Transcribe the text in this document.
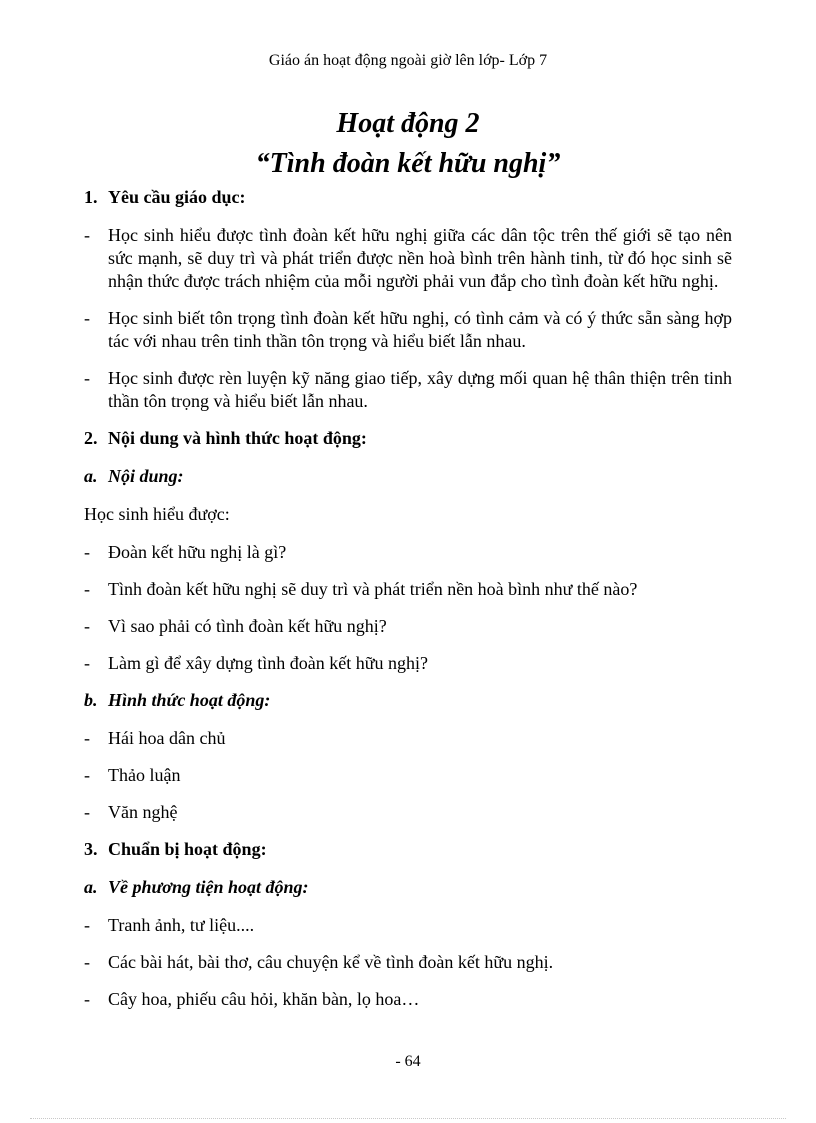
Giáo án hoạt động ngoài giờ lên lớp- Lớp 7
Hoạt động 2
“Tình đoàn kết hữu nghị”
1. Yêu cầu giáo dục:
-	Học sinh hiểu được tình đoàn kết hữu nghị giữa các dân tộc trên thế giới sẽ tạo nên sức mạnh, sẽ duy trì và phát triển được nền hoà bình trên hành tinh, từ đó học sinh sẽ nhận thức được trách nhiệm của mỗi người phải vun đắp cho tình đoàn kết hữu nghị.
-	Học sinh biết tôn trọng tình đoàn kết hữu nghị, có tình cảm và có ý thức sẵn sàng hợp tác với nhau trên tinh thần tôn trọng và hiểu biết lẫn nhau.
-	Học sinh được rèn luyện kỹ năng giao tiếp, xây dựng mối quan hệ thân thiện trên tinh thần tôn trọng và hiểu biết lẫn nhau.
2. Nội dung và hình thức hoạt động:
a. Nội dung:
Học sinh hiểu được:
-	Đoàn kết hữu nghị là gì?
-	Tình đoàn kết hữu nghị sẽ duy trì và phát triển nền hoà bình như thế nào?
-	Vì sao phải có tình đoàn kết hữu nghị?
-	Làm gì để xây dựng tình đoàn kết hữu nghị?
b. Hình thức hoạt động:
-	Hái hoa dân chủ
-	Thảo luận
-	Văn nghệ
3. Chuẩn bị hoạt động:
a. Về phương tiện hoạt động:
-	Tranh ảnh, tư liệu....
-	Các bài hát, bài thơ, câu chuyện kể về tình đoàn kết hữu nghị.
-	Cây hoa, phiếu câu hỏi, khăn bàn, lọ hoa…
- 64
